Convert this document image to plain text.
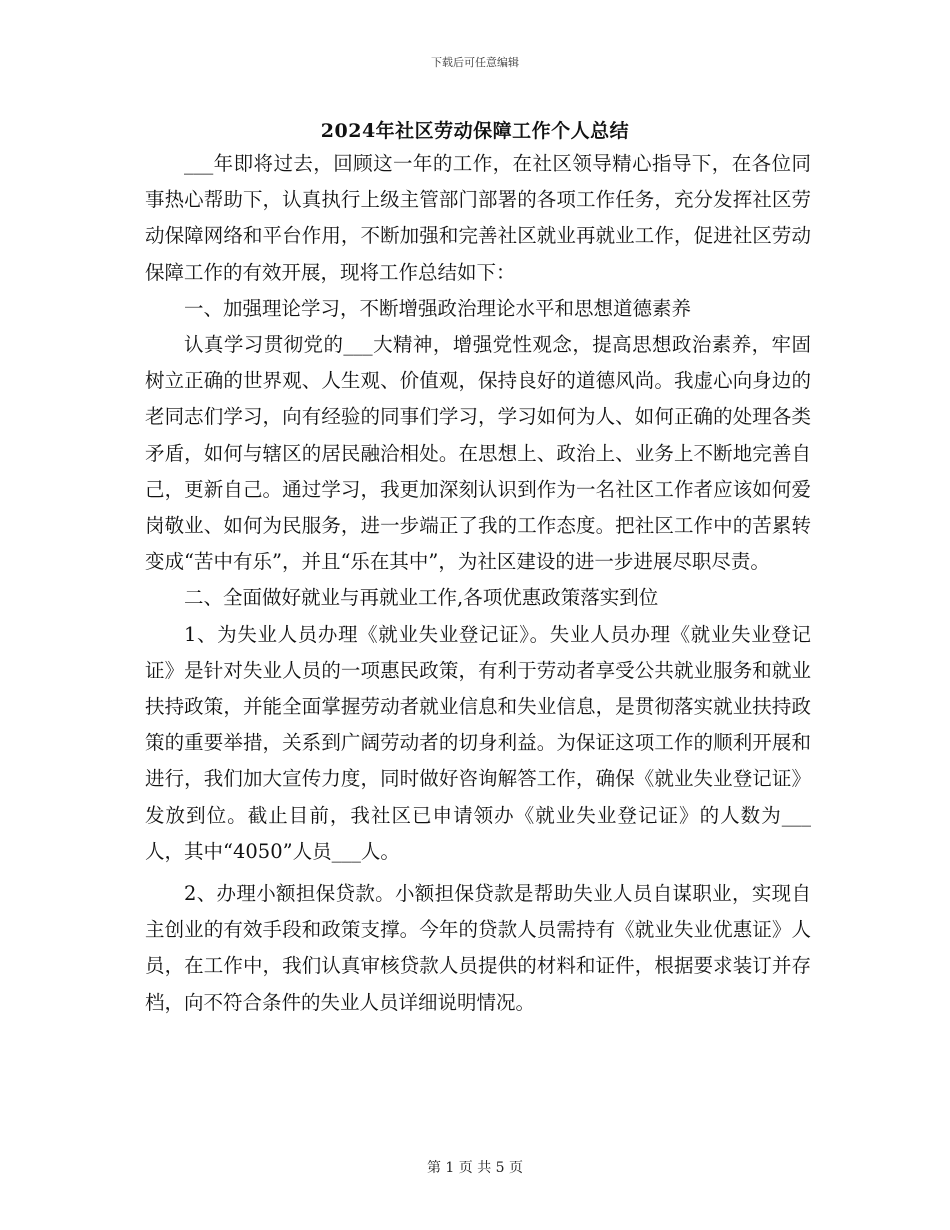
下载后可任意编辑
2024年社区劳动保障工作个人总结

___年即将过去，回顾这一年的工作，在社区领导精心指导下，在各位同事热心帮助下，认真执行上级主管部门部署的各项工作任务，充分发挥社区劳动保障网络和平台作用，不断加强和完善社区就业再就业工作，促进社区劳动保障工作的有效开展，现将工作总结如下：

一、加强理论学习，不断增强政治理论水平和思想道德素养

认真学习贯彻党的___大精神，增强党性观念，提高思想政治素养，牢固树立正确的世界观、人生观、价值观，保持良好的道德风尚。我虚心向身边的老同志们学习，向有经验的同事们学习，学习如何为人、如何正确的处理各类矛盾，如何与辖区的居民融洽相处。在思想上、政治上、业务上不断地完善自己，更新自己。通过学习，我更加深刻认识到作为一名社区工作者应该如何爱岗敬业、如何为民服务，进一步端正了我的工作态度。把社区工作中的苦累转变成“苦中有乐”，并且“乐在其中”，为社区建设的进一步进展尽职尽责。

二、全面做好就业与再就业工作,各项优惠政策落实到位

1、为失业人员办理《就业失业登记证》。失业人员办理《就业失业登记证》是针对失业人员的一项惠民政策，有利于劳动者享受公共就业服务和就业扶持政策，并能全面掌握劳动者就业信息和失业信息，是贯彻落实就业扶持政策的重要举措，关系到广阔劳动者的切身利益。为保证这项工作的顺利开展和进行，我们加大宣传力度，同时做好咨询解答工作，确保《就业失业登记证》发放到位。截止目前，我社区已申请领办《就业失业登记证》的人数为___人，其中“4050”人员___人。

2、办理小额担保贷款。小额担保贷款是帮助失业人员自谋职业，实现自主创业的有效手段和政策支撑。今年的贷款人员需持有《就业失业优惠证》人员，在工作中，我们认真审核贷款人员提供的材料和证件，根据要求装订并存档，向不符合条件的失业人员详细说明情况。

第 1 页 共 5 页
